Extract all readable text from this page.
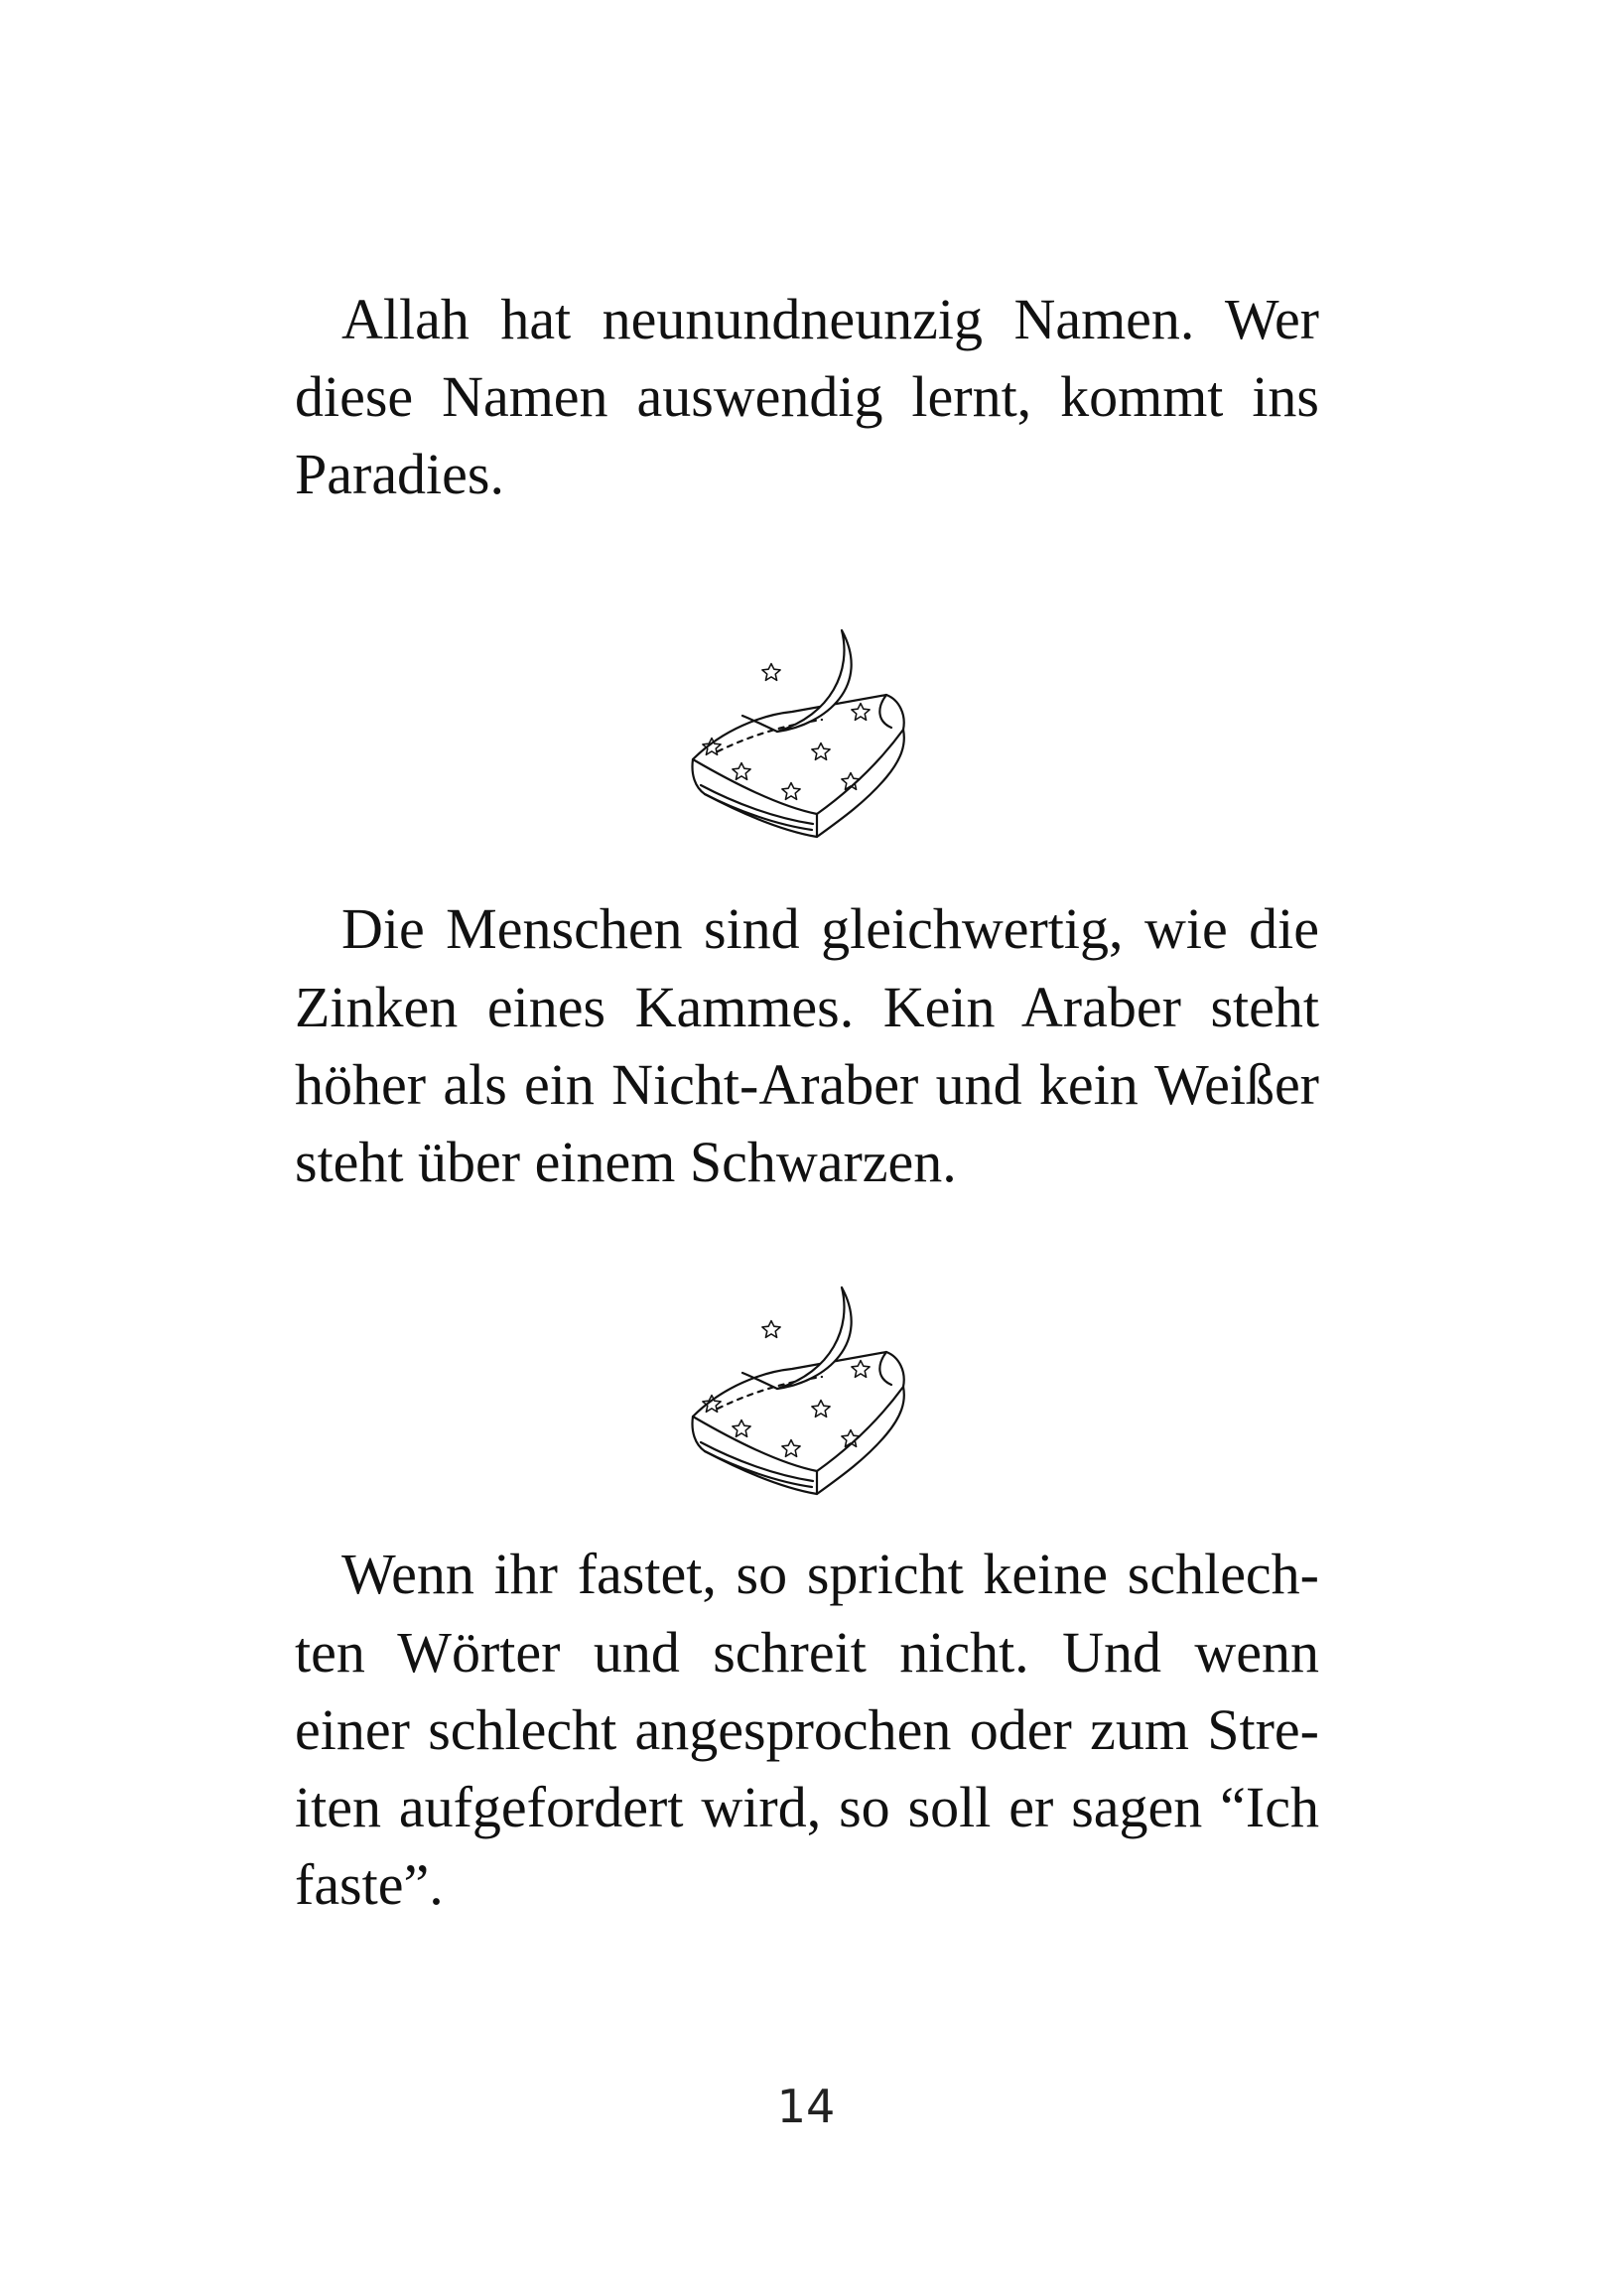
Allah hat neunundneunzig Namen. Wer
diese Namen auswendig lernt, kommt ins
Paradies.
Die Menschen sind gleichwertig, wie die
Zinken eines Kammes. Kein Araber steht
höher als ein Nicht-Araber und kein Weißer
steht über einem Schwarzen.
Wenn ihr fastet, so spricht keine schlech-
ten Wörter und schreit nicht. Und wenn
einer schlecht angesprochen oder zum Stre-
iten aufgefordert wird, so soll er sagen “Ich
faste”.
14
